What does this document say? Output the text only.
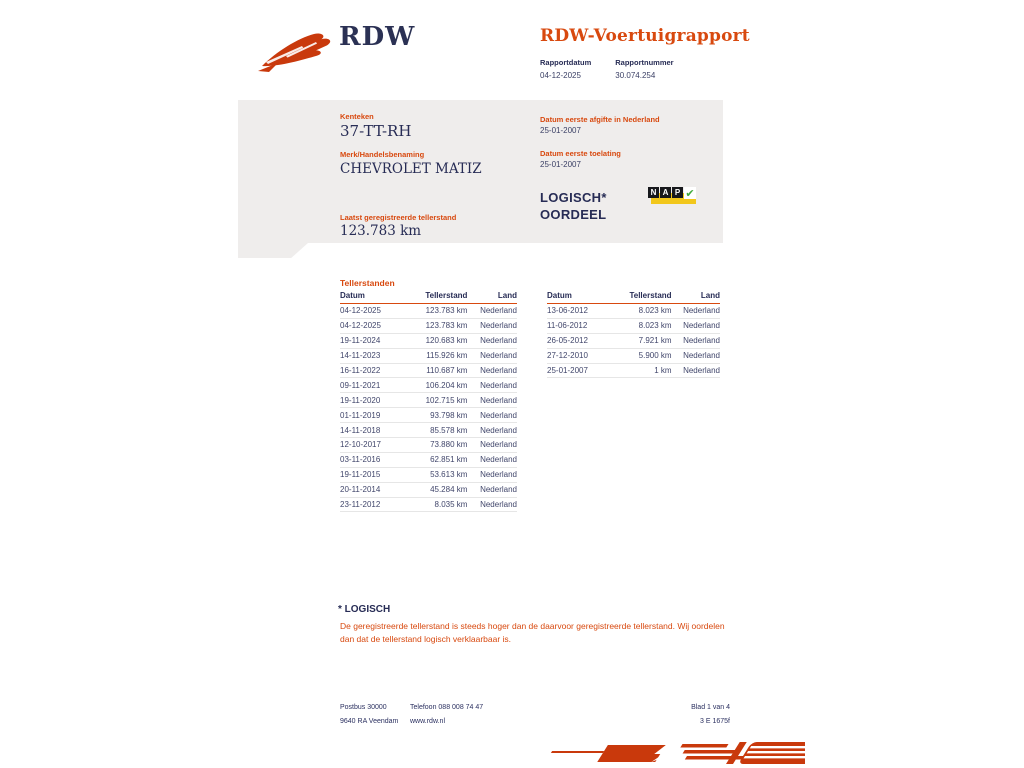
RDW	RDW-Voertuigrapport
Rapportdatum
04-12-2025
Rapportnummer
30.074.254
Kenteken
37-TT-RH
Merk/Handelsbenaming
CHEVROLET MATIZ
Laatst geregistreerde tellerstand
123.783 km
Datum eerste afgifte in Nederland
25-01-2007
Datum eerste toelating
25-01-2007
LOGISCH*
OORDEEL
N A P ✔
Tellerstanden
Datum	Tellerstand	Land
04-12-2025	123.783 km	Nederland
04-12-2025	123.783 km	Nederland
19-11-2024	120.683 km	Nederland
14-11-2023	115.926 km	Nederland
16-11-2022	110.687 km	Nederland
09-11-2021	106.204 km	Nederland
19-11-2020	102.715 km	Nederland
01-11-2019	93.798 km	Nederland
14-11-2018	85.578 km	Nederland
12-10-2017	73.880 km	Nederland
03-11-2016	62.851 km	Nederland
19-11-2015	53.613 km	Nederland
20-11-2014	45.284 km	Nederland
23-11-2012	8.035 km	Nederland
Datum	Tellerstand	Land
13-06-2012	8.023 km	Nederland
11-06-2012	8.023 km	Nederland
26-05-2012	7.921 km	Nederland
27-12-2010	5.900 km	Nederland
25-01-2007	1 km	Nederland
* LOGISCH
De geregistreerde tellerstand is steeds hoger dan de daarvoor geregistreerde tellerstand. Wij oordelen dan dat de tellerstand logisch verklaarbaar is.
Postbus 30000
9640 RA Veendam
Telefoon 088 008 74 47
www.rdw.nl
Blad 1 van 4
3 E 1675f
